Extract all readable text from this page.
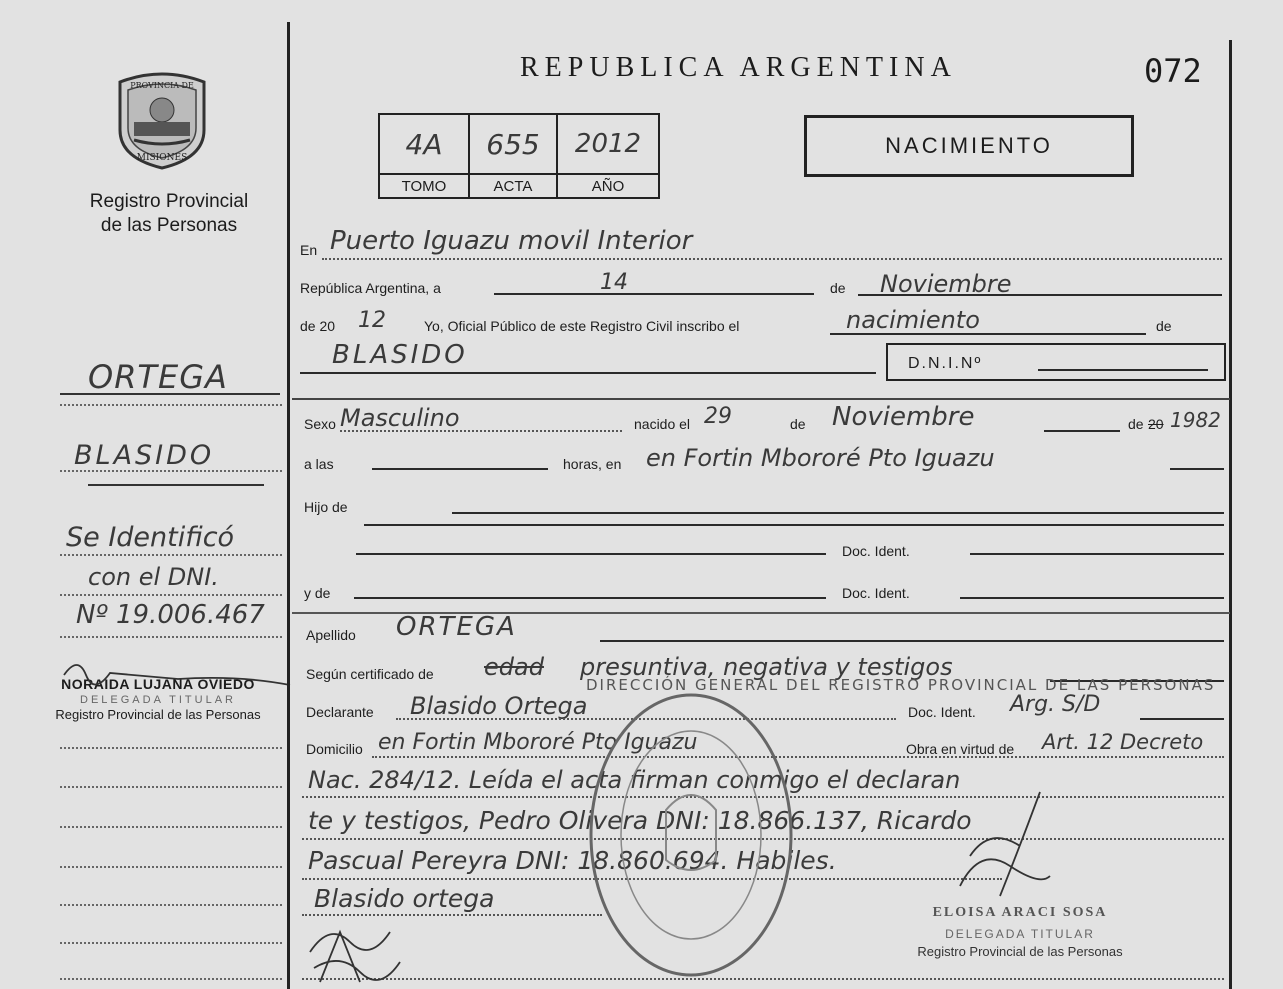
PROVINCIA DE
MISIONES
Registro Provincial
de las Personas
ORTEGA
BLASIDO
Se Identificó
con el DNI.
Nº 19.006.467
NORAIDA LUJANA OVIEDO
DELEGADA TITULAR
Registro Provincial de las Personas
REPUBLICA ARGENTINA	072
4A	655	2012
TOMO	ACTA	AÑO
NACIMIENTO
En Puerto Iguazu movil Interior
República Argentina, a	14	de Noviembre
de 20 12	Yo, Oficial Público de este Registro Civil inscribo el	nacimiento	de
BLASIDO	D.N.I.Nº
Sexo Masculino	nacido el 29	de Noviembre	de 20 1982
a las	horas, en en Fortin Mbororé Pto Iguazu
Hijo de
Doc. Ident.
y de	Doc. Ident.
Apellido ORTEGA
Según certificado de edad presuntiva, negativa y testigos
Declarante Blasido Ortega	Doc. Ident. Arg. S/D
Domicilio en Fortin Mbororé Pto Iguazu	Obra en virtud de Art. 12 Decreto
Nac. 284/12. Leída el acta firman conmigo el declaran
te y testigos, Pedro Olivera DNI: 18.866.137, Ricardo
Pascual Pereyra DNI: 18.860.694. Habiles.
Blasido ortega
DIRECCIÓN GENERAL DEL REGISTRO PROVINCIAL DE LAS PERSONAS
ELOISA ARACI SOSA
DELEGADA TITULAR
Registro Provincial de las Personas
